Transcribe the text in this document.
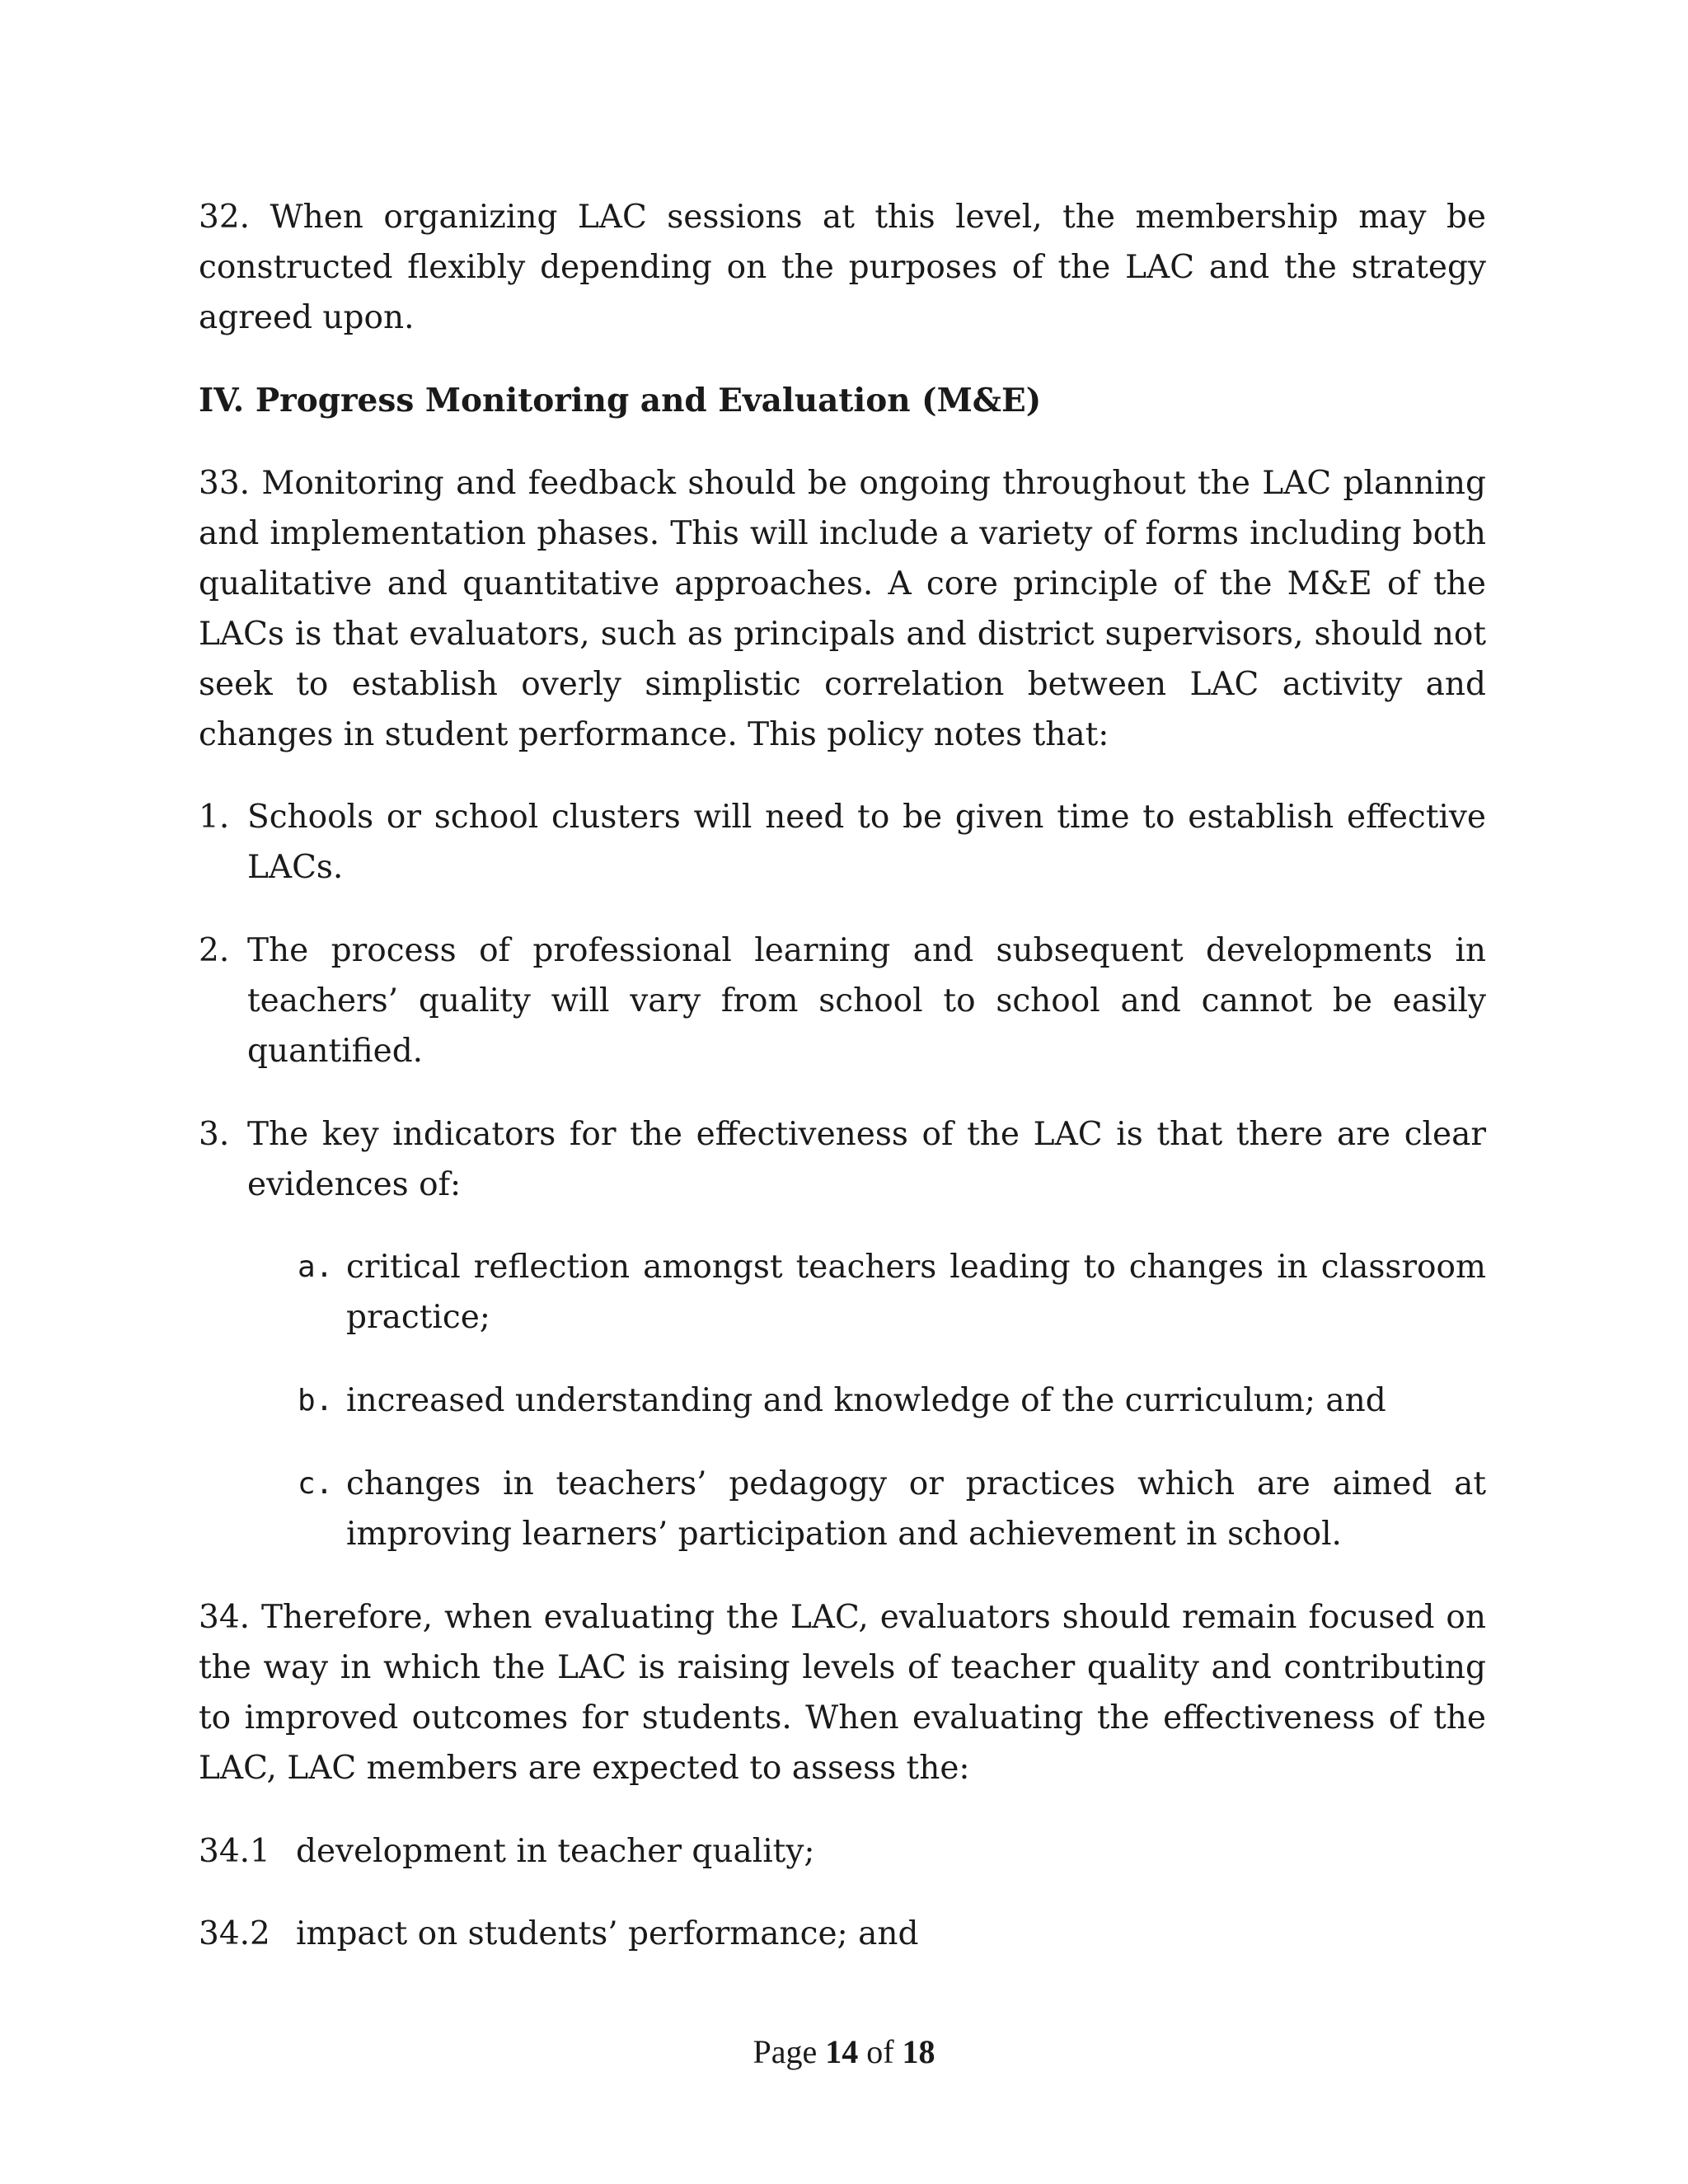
32. When organizing LAC sessions at this level, the membership may be constructed flexibly depending on the purposes of the LAC and the strategy agreed upon.

IV. Progress Monitoring and Evaluation (M&E)

33. Monitoring and feedback should be ongoing throughout the LAC planning and implementation phases. This will include a variety of forms including both qualitative and quantitative approaches. A core principle of the M&E of the LACs is that evaluators, such as principals and district supervisors, should not seek to establish overly simplistic correlation between LAC activity and changes in student performance. This policy notes that:

1. Schools or school clusters will need to be given time to establish effective LACs.

2. The process of professional learning and subsequent developments in teachers’ quality will vary from school to school and cannot be easily quantified.

3. The key indicators for the effectiveness of the LAC is that there are clear evidences of:

a. critical reflection amongst teachers leading to changes in classroom practice;

b. increased understanding and knowledge of the curriculum; and

c. changes in teachers’ pedagogy or practices which are aimed at improving learners’ participation and achievement in school.

34. Therefore, when evaluating the LAC, evaluators should remain focused on the way in which the LAC is raising levels of teacher quality and contributing to improved outcomes for students. When evaluating the effectiveness of the LAC, LAC members are expected to assess the:

34.1 development in teacher quality;

34.2 impact on students’ performance; and

Page 14 of 18
